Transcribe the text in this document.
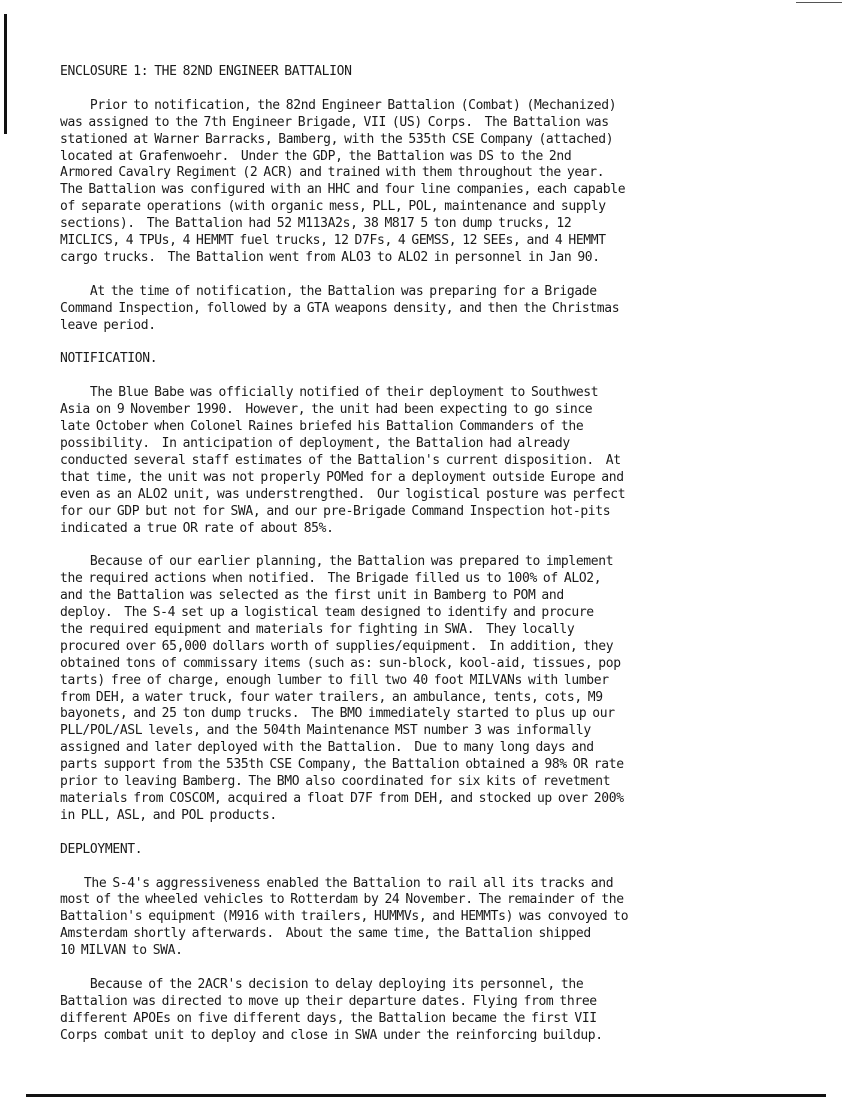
ENCLOSURE 1: THE 82ND ENGINEER BATTALION
Prior to notification, the 82nd Engineer Battalion (Combat) (Mechanized)
was assigned to the 7th Engineer Brigade, VII (US) Corps.  The Battalion was
stationed at Warner Barracks, Bamberg, with the 535th CSE Company (attached)
located at Grafenwoehr.  Under the GDP, the Battalion was DS to the 2nd
Armored Cavalry Regiment (2 ACR) and trained with them throughout the year.
The Battalion was configured with an HHC and four line companies, each capable
of separate operations (with organic mess, PLL, POL, maintenance and supply
sections).  The Battalion had 52 M113A2s, 38 M817 5 ton dump trucks, 12
MICLICS, 4 TPUs, 4 HEMMT fuel trucks, 12 D7Fs, 4 GEMSS, 12 SEEs, and 4 HEMMT
cargo trucks.  The Battalion went from ALO3 to ALO2 in personnel in Jan 90.
At the time of notification, the Battalion was preparing for a Brigade
Command Inspection, followed by a GTA weapons density, and then the Christmas
leave period.
NOTIFICATION.
The Blue Babe was officially notified of their deployment to Southwest
Asia on 9 November 1990.  However, the unit had been expecting to go since
late October when Colonel Raines briefed his Battalion Commanders of the
possibility.  In anticipation of deployment, the Battalion had already
conducted several staff estimates of the Battalion's current disposition.  At
that time, the unit was not properly POMed for a deployment outside Europe and
even as an ALO2 unit, was understrengthed.  Our logistical posture was perfect
for our GDP but not for SWA, and our pre-Brigade Command Inspection hot-pits
indicated a true OR rate of about 85%.
Because of our earlier planning, the Battalion was prepared to implement
the required actions when notified.  The Brigade filled us to 100% of ALO2,
and the Battalion was selected as the first unit in Bamberg to POM and
deploy.  The S-4 set up a logistical team designed to identify and procure
the required equipment and materials for fighting in SWA.  They locally
procured over 65,000 dollars worth of supplies/equipment.  In addition, they
obtained tons of commissary items (such as: sun-block, kool-aid, tissues, pop
tarts) free of charge, enough lumber to fill two 40 foot MILVANs with lumber
from DEH, a water truck, four water trailers, an ambulance, tents, cots, M9
bayonets, and 25 ton dump trucks.  The BMO immediately started to plus up our
PLL/POL/ASL levels, and the 504th Maintenance MST number 3 was informally
assigned and later deployed with the Battalion.  Due to many long days and
parts support from the 535th CSE Company, the Battalion obtained a 98% OR rate
prior to leaving Bamberg. The BMO also coordinated for six kits of revetment
materials from COSCOM, acquired a float D7F from DEH, and stocked up over 200%
in PLL, ASL, and POL products.
DEPLOYMENT.
The S-4's aggressiveness enabled the Battalion to rail all its tracks and
most of the wheeled vehicles to Rotterdam by 24 November. The remainder of the
Battalion's equipment (M916 with trailers, HUMMVs, and HEMMTs) was convoyed to
Amsterdam shortly afterwards.  About the same time, the Battalion shipped
10 MILVAN to SWA.
Because of the 2ACR's decision to delay deploying its personnel, the
Battalion was directed to move up their departure dates. Flying from three
different APOEs on five different days, the Battalion became the first VII
Corps combat unit to deploy and close in SWA under the reinforcing buildup.
